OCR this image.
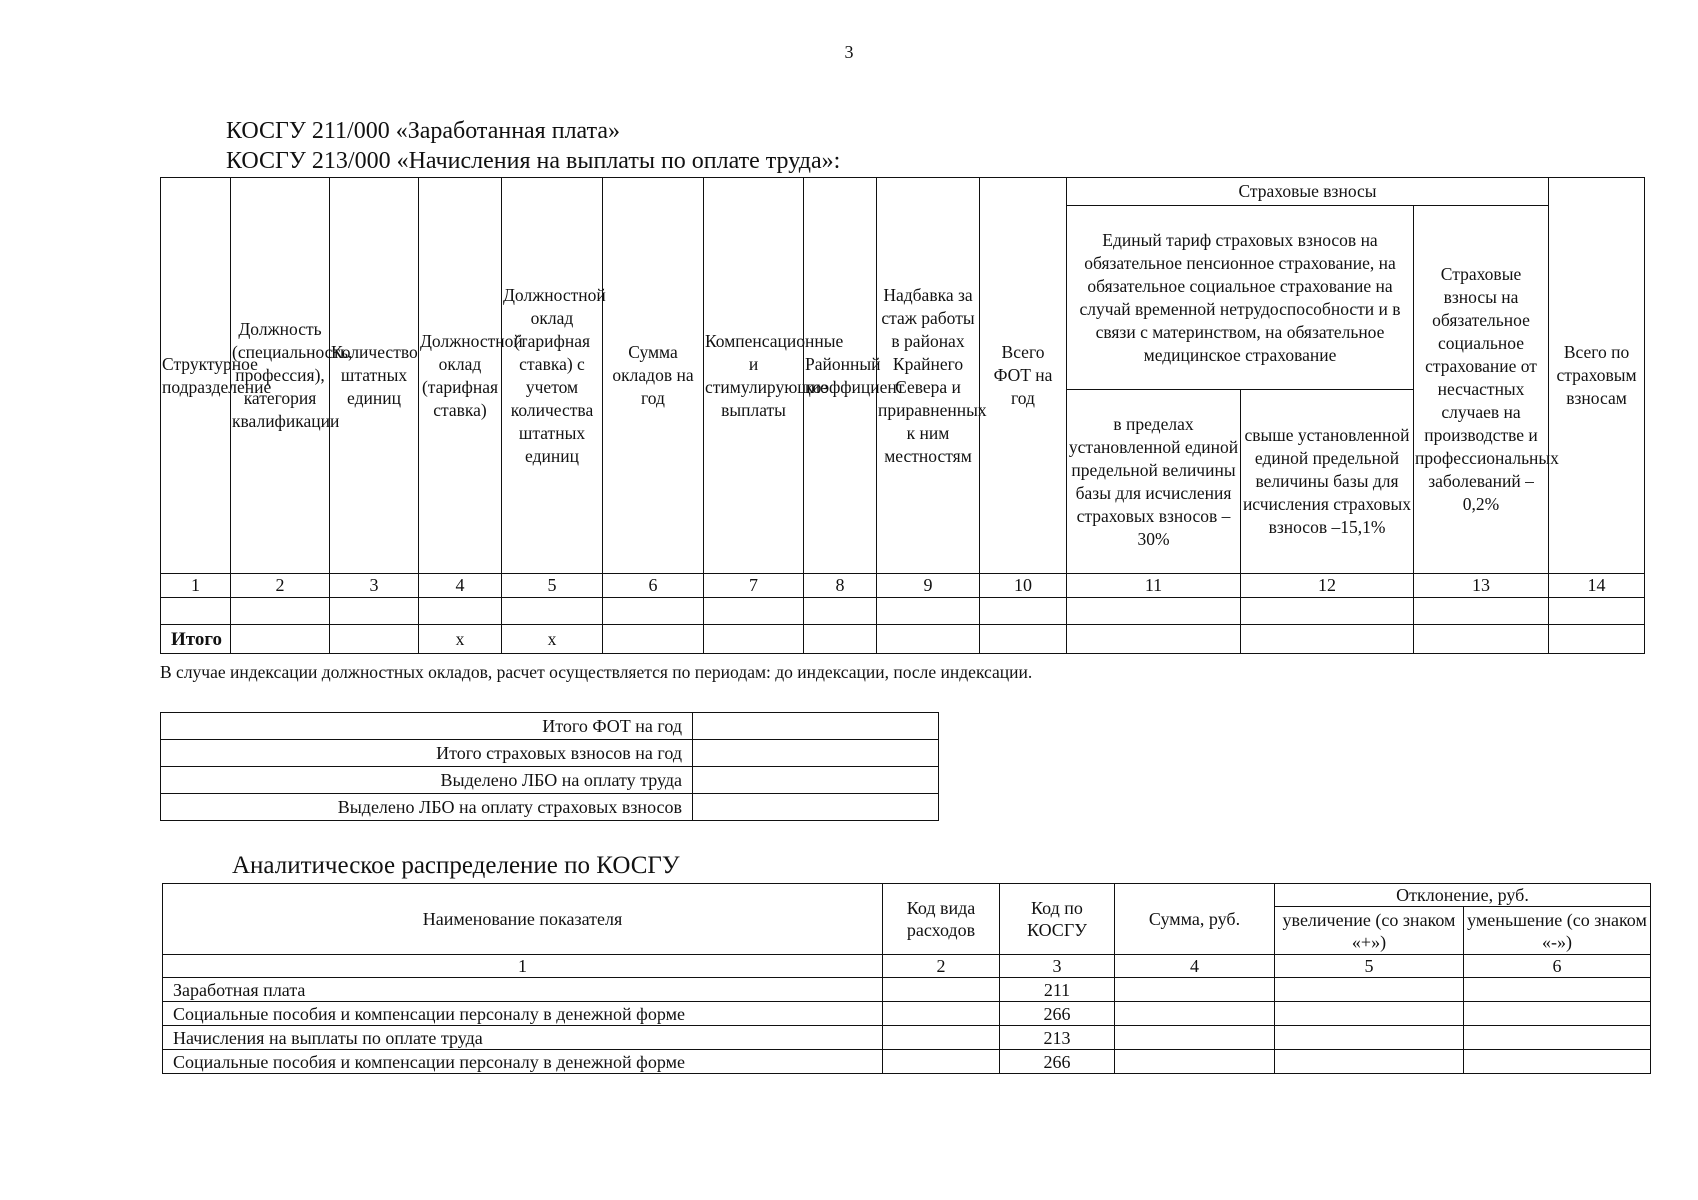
3
КОСГУ 211/000 «Заработанная плата»
КОСГУ 213/000 «Начисления на выплаты по оплате труда»:
Структурное подразделение	Должность (специальность, профессия), категория квалификации	Количество штатных единиц	Должностной оклад (тарифная ставка)	Должностной оклад (тарифная ставка) с учетом количества штатных единиц	Сумма окладов на год	Компенсационные и стимулирующие выплаты	Районный коэффициент	Надбавка за стаж работы в районах Крайнего Севера и приравненных к ним местностям	Всего ФОТ на год	Страховые взносы			Всего по страховым взносам
										Единый тариф страховых взносов на обязательное пенсионное страхование, на обязательное социальное страхование на случай временной нетрудоспособности и в связи с материнством, на обязательное медицинское страхование		Страховые взносы на обязательное социальное страхование от несчастных случаев на производстве и профессиональных заболеваний – 0,2%	
										в пределах установленной единой предельной величины базы для исчисления страховых взносов – 30%	свыше установленной единой предельной величины базы для исчисления страховых взносов –15,1%		
1	2	3	4	5	6	7	8	9	10	11	12	13	14

Итого			x	x									
В случае индексации должностных окладов, расчет осуществляется по периодам: до индексации, после индексации.
Итого ФОТ на год	
Итого страховых взносов на год	
Выделено ЛБО на оплату труда	
Выделено ЛБО на оплату страховых взносов	
Аналитическое распределение по КОСГУ
Наименование показателя	Код вида расходов	Код по КОСГУ	Сумма, руб.	Отклонение, руб.	
				увеличение (со знаком «+»)	уменьшение (со знаком «-»)
1	2	3	4	5	6
Заработная плата		211			
Социальные пособия и компенсации персоналу в денежной форме		266			
Начисления на выплаты по оплате труда		213			
Социальные пособия и компенсации персоналу в денежной форме		266			
